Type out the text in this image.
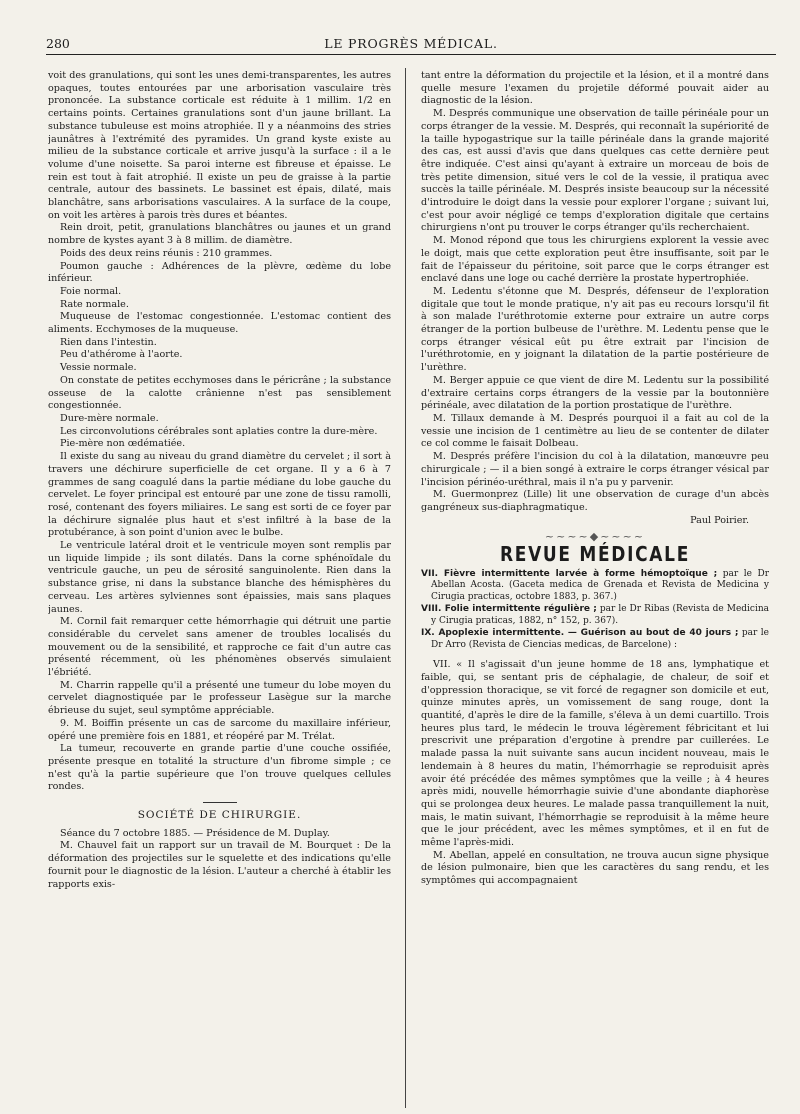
280	LE PROGRÈS MÉDICAL.

voit des granulations, qui sont les unes demi-transparentes, les autres opaques, toutes entourées par une arborisation vasculaire très prononcée. La substance corticale est réduite à 1 millim. 1/2 en certains points. Certaines granulations sont d'un jaune brillant. La substance tubuleuse est moins atrophiée. Il y a néanmoins des stries jaunâtres à l'extrémité des pyramides. Un grand kyste existe au milieu de la substance corticale et arrive jusqu'à la surface : il a le volume d'une noisette. Sa paroi interne est fibreuse et épaisse. Le rein est tout à fait atrophié. Il existe un peu de graisse à la partie centrale, autour des bassinets. Le bassinet est épais, dilaté, mais blanchâtre, sans arborisations vasculaires. A la surface de la coupe, on voit les artères à parois très dures et béantes.

Rein droit, petit, granulations blanchâtres ou jaunes et un grand nombre de kystes ayant 3 à 8 millim. de diamètre.

Poids des deux reins réunis : 210 grammes.

Poumon gauche : Adhérences de la plèvre, œdème du lobe inférieur.

Foie normal.

Rate normale.

Muqueuse de l'estomac congestionnée. L'estomac contient des aliments. Ecchymoses de la muqueuse.

Rien dans l'intestin.

Peu d'athérome à l'aorte.

Vessie normale.

On constate de petites ecchymoses dans le péricrâne ; la substance osseuse de la calotte crânienne n'est pas sensiblement congestionnée.

Dure-mère normale.

Les circonvolutions cérébrales sont aplaties contre la dure-mère.

Pie-mère non œdématiée.

Il existe du sang au niveau du grand diamètre du cervelet ; il sort à travers une déchirure superficielle de cet organe. Il y a 6 à 7 grammes de sang coagulé dans la partie médiane du lobe gauche du cervelet. Le foyer principal est entouré par une zone de tissu ramolli, rosé, contenant des foyers miliaires. Le sang est sorti de ce foyer par la déchirure signalée plus haut et s'est infiltré à la base de la protubérance, à son point d'union avec le bulbe.

Le ventricule latéral droit et le ventricule moyen sont remplis par un liquide limpide ; ils sont dilatés. Dans la corne sphénoïdale du ventricule gauche, un peu de sérosité sanguinolente. Rien dans la substance grise, ni dans la substance blanche des hémisphères du cerveau. Les artères sylviennes sont épaissies, mais sans plaques jaunes.

M. Cornil fait remarquer cette hémorrhagie qui détruit une partie considérable du cervelet sans amener de troubles localisés du mouvement ou de la sensibilité, et rapproche ce fait d'un autre cas présenté récemment, où les phénomènes observés simulaient l'ébriété.

M. Charrin rappelle qu'il a présenté une tumeur du lobe moyen du cervelet diagnostiquée par le professeur Lasègue sur la marche ébrieuse du sujet, seul symptôme appréciable.

9. M. Boiffin présente un cas de sarcome du maxillaire inférieur, opéré une première fois en 1881, et réopéré par M. Trélat.

La tumeur, recouverte en grande partie d'une couche ossifiée, présente presque en totalité la structure d'un fibrome simple ; ce n'est qu'à la partie supérieure que l'on trouve quelques cellules rondes.

SOCIÉTÉ DE CHIRURGIE.

Séance du 7 octobre 1885. — Présidence de M. Duplay.

M. Chauvel fait un rapport sur un travail de M. Bourquet : De la déformation des projectiles sur le squelette et des indications qu'elle fournit pour le diagnostic de la lésion. L'auteur a cherché à établir les rapports exis-

tant entre la déformation du projectile et la lésion, et il a montré dans quelle mesure l'examen du projetile déformé pouvait aider au diagnostic de la lésion.

M. Després communique une observation de taille périnéale pour un corps étranger de la vessie. M. Després, qui reconnaît la supériorité de la taille hypogastrique sur la taille périnéale dans la grande majorité des cas, est aussi d'avis que dans quelques cas cette dernière peut être indiquée. C'est ainsi qu'ayant à extraire un morceau de bois de très petite dimension, situé vers le col de la vessie, il pratiqua avec succès la taille périnéale. M. Després insiste beaucoup sur la nécessité d'introduire le doigt dans la vessie pour explorer l'organe ; suivant lui, c'est pour avoir négligé ce temps d'exploration digitale que certains chirurgiens n'ont pu trouver le corps étranger qu'ils recherchaient.

M. Monod répond que tous les chirurgiens explorent la vessie avec le doigt, mais que cette exploration peut être insuffisante, soit par le fait de l'épaisseur du péritoine, soit parce que le corps étranger est enclavé dans une loge ou caché derrière la prostate hypertrophiée.

M. Ledentu s'étonne que M. Després, défenseur de l'exploration digitale que tout le monde pratique, n'y ait pas eu recours lorsqu'il fit à son malade l'uréthrotomie externe pour extraire un autre corps étranger de la portion bulbeuse de l'urèthre. M. Ledentu pense que le corps étranger vésical eût pu être extrait par l'incision de l'uréthrotomie, en y joignant la dilatation de la partie postérieure de l'urèthre.

M. Berger appuie ce que vient de dire M. Ledentu sur la possibilité d'extraire certains corps étrangers de la vessie par la boutonnière périnéale, avec dilatation de la portion prostatique de l'urèthre.

M. Tillaux demande à M. Després pourquoi il a fait au col de la vessie une incision de 1 centimètre au lieu de se contenter de dilater ce col comme le faisait Dolbeau.

M. Després préfère l'incision du col à la dilatation, manœuvre peu chirurgicale ; — il a bien songé à extraire le corps étranger vésical par l'incision périnéo-uréthral, mais il n'a pu y parvenir.

M. Guermonprez (Lille) lit une observation de curage d'un abcès gangréneux sus-diaphragmatique.

Paul Poirier.

~~~~◆~~~~
REVUE MÉDICALE
VII. Fièvre intermittente larvée à forme hémoptoïque ; par le Dr Abellan Acosta. (Gaceta medica de Grenada et Revista de Medicina y Cirugia practicas, octobre 1883, p. 367.)
VIII. Folie intermittente régulière ; par le Dr Ribas (Revista de Medicina y Cirugia praticas, 1882, n° 152, p. 367).
IX. Apoplexie intermittente. — Guérison au bout de 40 jours ; par le Dr Arro (Revista de Ciencias medicas, de Barcelone) :

VII. « Il s'agissait d'un jeune homme de 18 ans, lymphatique et faible, qui, se sentant pris de céphalagie, de chaleur, de soif et d'oppression thoracique, se vit forcé de regagner son domicile et eut, quinze minutes après, un vomissement de sang rouge, dont la quantité, d'après le dire de la famille, s'éleva à un demi cuartillo. Trois heures plus tard, le médecin le trouva légèrement fébricitant et lui prescrivit une préparation d'ergotine à prendre par cuillerées. Le malade passa la nuit suivante sans aucun incident nouveau, mais le lendemain à 8 heures du matin, l'hémorrhagie se reproduisit après avoir été précédée des mêmes symptômes que la veille ; à 4 heures après midi, nouvelle hémorrhagie suivie d'une abondante diaphorèse qui se prolongea deux heures. Le malade passa tranquillement la nuit, mais, le matin suivant, l'hémorrhagie se reproduisit à la même heure que le jour précédent, avec les mêmes symptômes, et il en fut de même l'après-midi.

M. Abellan, appelé en consultation, ne trouva aucun signe physique de lésion pulmonaire, bien que les caractères du sang rendu, et les symptômes qui accompagnaient
